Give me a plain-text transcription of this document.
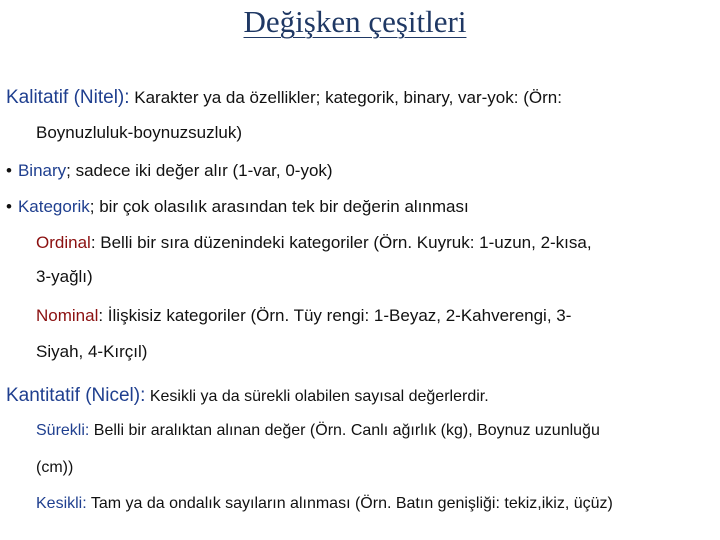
Değişken çeşitleri
Kalitatif (Nitel): Karakter ya da özellikler; kategorik, binary, var-yok: (Örn:
Boynuzluluk-boynuzsuzluk)
• Binary; sadece iki değer alır (1-var, 0-yok)
• Kategorik; bir çok olasılık arasından tek bir değerin alınması
Ordinal: Belli bir sıra düzenindeki kategoriler (Örn. Kuyruk: 1-uzun, 2-kısa,
3-yağlı)
Nominal: İlişkisiz kategoriler (Örn. Tüy rengi: 1-Beyaz, 2-Kahverengi, 3-
Siyah, 4-Kırçıl)
Kantitatif (Nicel): Kesikli ya da sürekli olabilen sayısal değerlerdir.
Sürekli: Belli bir aralıktan alınan değer (Örn. Canlı ağırlık (kg), Boynuz uzunluğu
(cm))
Kesikli: Tam ya da ondalık sayıların alınması (Örn. Batın genişliği: tekiz,ikiz, üçüz)
